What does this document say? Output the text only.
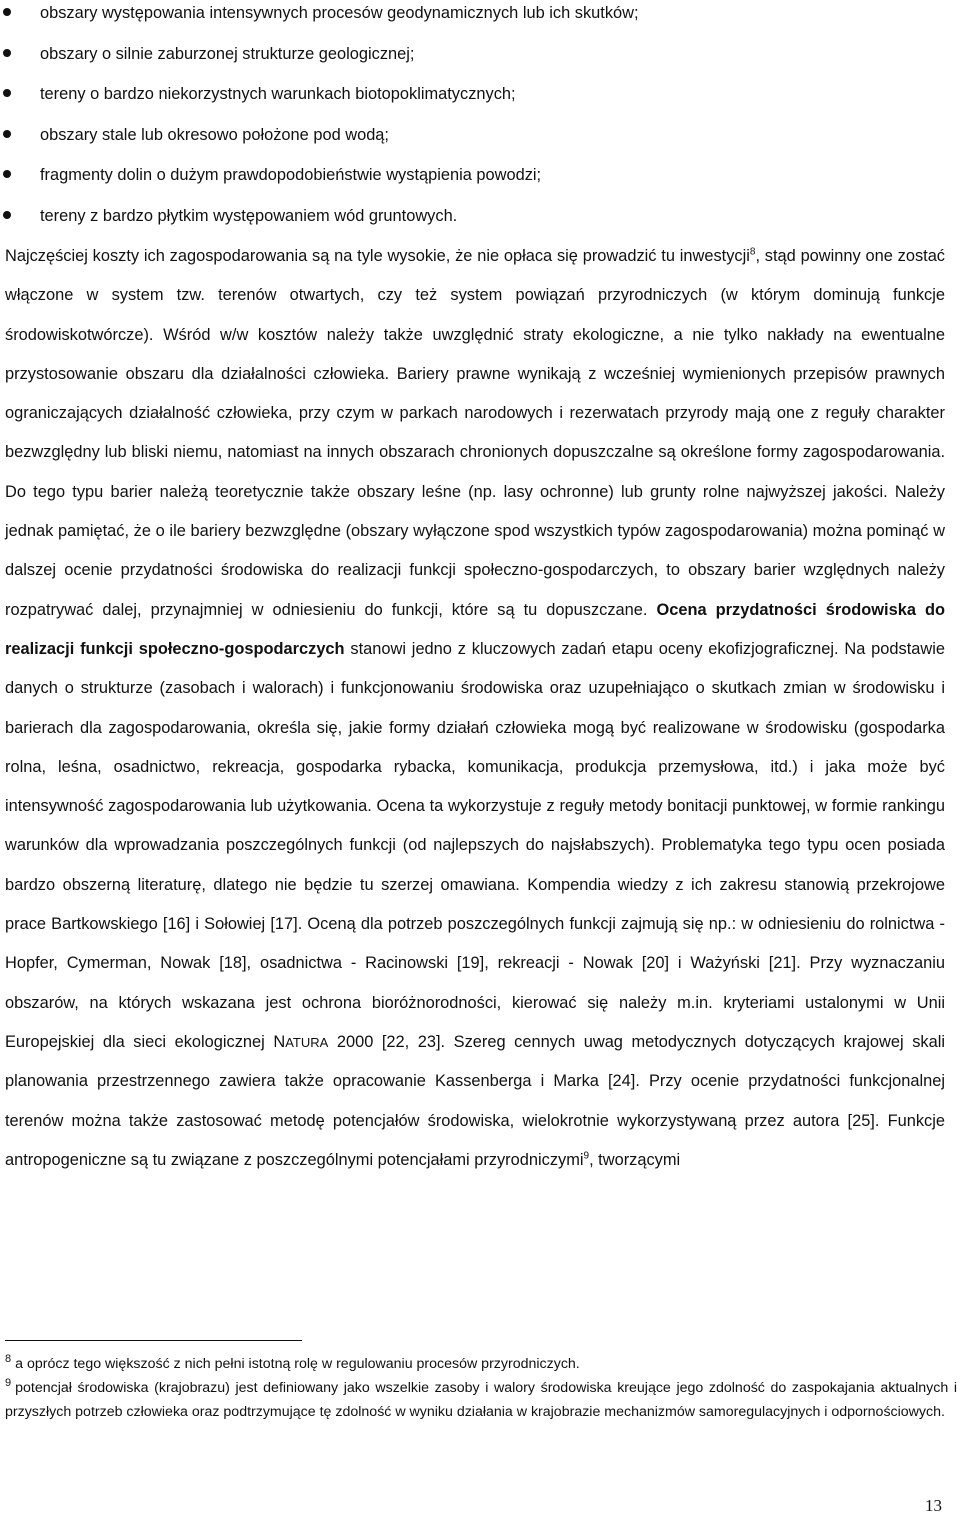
obszary występowania intensywnych procesów geodynamicznych lub ich skutków;
obszary o silnie zaburzonej strukturze geologicznej;
tereny o bardzo niekorzystnych warunkach biotopoklimatycznych;
obszary stale lub okresowo położone pod wodą;
fragmenty dolin o dużym prawdopodobieństwie wystąpienia powodzi;
tereny z bardzo płytkim występowaniem wód gruntowych.
Najczęściej koszty ich zagospodarowania są na tyle wysokie, że nie opłaca się prowadzić tu inwestycji$^8$, stąd powinny one zostać włączone w system tzw. terenów otwartych, czy też system powiązań przyrodniczych (w którym dominują funkcje środowiskotwórcze). Wśród w/w kosztów należy także uwzględnić straty ekologiczne, a nie tylko nakłady na ewentualne przystosowanie obszaru dla działalności człowieka. Bariery prawne wynikają z wcześniej wymienionych przepisów prawnych ograniczających działalność człowieka, przy czym w parkach narodowych i rezerwatach przyrody mają one z reguły charakter bezwzględny lub bliski niemu, natomiast na innych obszarach chronionych dopuszczalne są określone formy zagospodarowania. Do tego typu barier należą teoretycznie także obszary leśne (np. lasy ochronne) lub grunty rolne najwyższej jakości. Należy jednak pamiętać, że o ile bariery bezwzględne (obszary wyłączone spod wszystkich typów zagospodarowania) można pominąć w dalszej ocenie przydatności środowiska do realizacji funkcji społeczno-gospodarczych, to obszary barier względnych należy rozpatrywać dalej, przynajmniej w odniesieniu do funkcji, które są tu dopuszczane. Ocena przydatności środowiska do realizacji funkcji społeczno-gospodarczych stanowi jedno z kluczowych zadań etapu oceny ekofizjograficznej. Na podstawie danych o strukturze (zasobach i walorach) i funkcjonowaniu środowiska oraz uzupełniająco o skutkach zmian w środowisku i barierach dla zagospodarowania, określa się, jakie formy działań człowieka mogą być realizowane w środowisku (gospodarka rolna, leśna, osadnictwo, rekreacja, gospodarka rybacka, komunikacja, produkcja przemysłowa, itd.) i jaka może być intensywność zagospodarowania lub użytkowania. Ocena ta wykorzystuje z reguły metody bonitacji punktowej, w formie rankingu warunków dla wprowadzania poszczególnych funkcji (od najlepszych do najsłabszych). Problematyka tego typu ocen posiada bardzo obszerną literaturę, dlatego nie będzie tu szerzej omawiana. Kompendia wiedzy z ich zakresu stanowią przekrojowe prace Bartkowskiego [16] i Sołowiej [17]. Oceną dla potrzeb poszczególnych funkcji zajmują się np.: w odniesieniu do rolnictwa - Hopfer, Cymerman, Nowak [18], osadnictwa - Racinowski [19], rekreacji - Nowak [20] i Ważyński [21]. Przy wyznaczaniu obszarów, na których wskazana jest ochrona bioróżnorodności, kierować się należy m.in. kryteriami ustalonymi w Unii Europejskiej dla sieci ekologicznej NATURA 2000 [22, 23]. Szereg cennych uwag metodycznych dotyczących krajowej skali planowania przestrzennego zawiera także opracowanie Kassenberga i Marka [24]. Przy ocenie przydatności funkcjonalnej terenów można także zastosować metodę potencjałów środowiska, wielokrotnie wykorzystywaną przez autora [25]. Funkcje antropogeniczne są tu związane z poszczególnymi potencjałami przyrodniczymi$^9$, tworzącymi

$^8$ a oprócz tego większość z nich pełni istotną rolę w regulowaniu procesów przyrodniczych.

$^9$ potencjał środowiska (krajobrazu) jest definiowany jako wszelkie zasoby i walory środowiska kreujące jego zdolność do zaspokajania aktualnych i przyszłych potrzeb człowieka oraz podtrzymujące tę zdolność w wyniku działania w krajobrazie mechanizmów samoregulacyjnych i odpornościowych.

13
